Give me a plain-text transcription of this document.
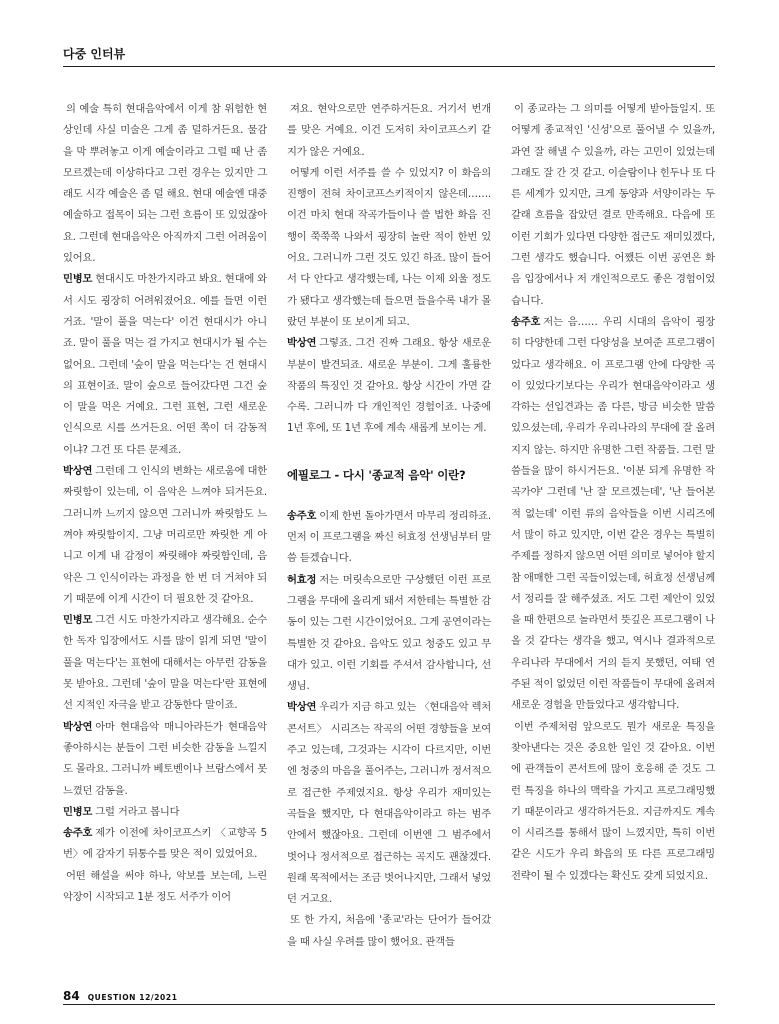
다중 인터뷰

의 예술 특히 현대음악에서 이게 참 위험한 현상인데 사실 미술은 그게 좀 덜하거든요. 물감을 막 뿌려놓고 이게 예술이라고 그럴 때 난 좀 모르겠는데 이상하다고 그런 경우는 있지만 그래도 시각 예술은 좀 덜 해요. 현대 예술엔 대중 예술하고 접목이 되는 그런 흐름이 또 있었잖아요. 그런데 현대음악은 아직까지 그런 어려움이 있어요.

민병모 현대시도 마찬가지라고 봐요. 현대에 와서 시도 굉장히 어려워졌어요. 예를 들면 이런 거죠. '말이 풀을 먹는다' 이건 현대시가 아니죠. 말이 풀을 먹는 걸 가지고 현대시가 될 수는 없어요. 그런데 '숲이 말을 먹는다'는 건 현대시의 표현이죠. 말이 숲으로 들어갔다면 그건 숲이 말을 먹은 거예요. 그런 표현, 그런 새로운 인식으로 시를 쓰거든요. 어떤 쪽이 더 감동적이냐? 그건 또 다른 문제죠.

박상연 그런데 그 인식의 변화는 새로움에 대한 짜릿함이 있는데, 이 음악은 느껴야 되거든요. 그러니까 느끼지 않으면 그러니까 짜릿함도 느껴야 짜릿함이지. 그냥 머리로만 짜릿한 게 아니고 이게 내 감정이 짜릿해야 짜릿함인데, 음악은 그 인식이라는 과정을 한 번 더 거쳐야 되기 때문에 이게 시간이 더 필요한 것 같아요.

민병모 그건 시도 마찬가지라고 생각해요. 순수한 독자 입장에서도 시를 많이 읽게 되면 '말이 풀을 먹는다'는 표현에 대해서는 아무런 감동을 못 받아요. 그런데 '숲이 말을 먹는다'란 표현에선 지적인 자극을 받고 감동한다 말이죠.

박상연 아마 현대음악 매니아라든가 현대음악 좋아하시는 분들이 그런 비슷한 감동을 느낄지도 몰라요. 그러니까 베토벤이나 브람스에서 못 느꼈던 감동을.

민병모 그럴 거라고 봅니다

송주호 제가 이전에 차이코프스키 〈교향곡 5번〉에 감자기 뒤통수를 맞은 적이 있었어요.

어떤 해설을 써야 하나, 악보를 보는데, 느린 악장이 시작되고 1분 정도 서주가 이어

져요. 현악으로만 연주하거든요. 거기서 번개를 맞은 거예요. 이건 도저히 차이코프스키 같지가 않은 거예요.

어떻게 이런 서주를 쓸 수 있었지? 이 화음의 진행이 전혀 차이코프스키적이지 않은데……. 이건 마치 현대 작곡가들이나 쓸 법한 화음 진행이 쭉쭉쭉 나와서 굉장히 놀란 적이 한번 있어요. 그러니까 그런 것도 있긴 하죠. 많이 들어서 다 안다고 생각했는데, 나는 이제 외울 정도가 됐다고 생각했는데 들으면 들을수록 내가 몰랐던 부분이 또 보이게 되고.

박상연 그렇죠. 그건 진짜 그래요. 항상 새로운 부분이 발견되죠. 새로운 부분이. 그게 훌륭한 작품의 특징인 것 같아요. 항상 시간이 가면 갈수록. 그러니까 다 개인적인 경험이죠. 나중에 1년 후에, 또 1년 후에 계속 새롭게 보이는 게.

에필로그 - 다시 '종교적 음악' 이란?

송주호 이제 한번 돌아가면서 마무리 정리하죠. 먼저 이 프로그램을 짜신 허효정 선생님부터 말씀 듣겠습니다.

허효정 저는 머릿속으로만 구상했던 이런 프로그램을 무대에 올리게 돼서 저한테는 특별한 감동이 있는 그런 시간이었어요. 그게 공연이라는 특별한 것 같아요. 음악도 있고 청중도 있고 무대가 있고. 이런 기회를 주셔서 감사합니다, 선생님.

박상연 우리가 지금 하고 있는 〈현대음악 렉처콘서트〉 시리즈는 작곡의 어떤 경향들을 보여주고 있는데, 그것과는 시각이 다르지만, 이번엔 청중의 마음을 풀어주는, 그러니까 정서적으로 접근한 주제였지요. 항상 우리가 재미있는 곡들을 했지만, 다 현대음악이라고 하는 범주 안에서 했잖아요. 그런데 이번엔 그 범주에서 벗어나 정서적으로 접근하는 곡지도 괜찮겠다. 원래 목적에서는 조금 벗어나지만, 그래서 넣었던 거고요.

또 한 가지, 처음에 '종교'라는 단어가 들어갔을 때 사실 우려를 많이 했어요. 관객들

이 종교라는 그 의미를 어떻게 받아들일지. 또 어떻게 종교적인 '신성'으로 풀어낼 수 있을까, 과연 잘 해낼 수 있을까, 라는 고민이 있었는데 그래도 잘 간 것 같고. 이슬람이나 힌두나 또 다른 세계가 있지만, 크게 동양과 서양이라는 두 갈래 흐름을 잡았던 결로 만족해요. 다음에 또 이런 기회가 있다면 다양한 접근도 재미있겠다, 그런 생각도 했습니다. 어쨌든 이번 공연은 화음 입장에서나 저 개인적으로도 좋은 경험이었습니다.

송주호 저는 음…… 우리 시대의 음악이 굉장히 다양한데 그런 다양성을 보여준 프로그램이었다고 생각해요. 이 프로그램 안에 다양한 곡이 있었다기보다는 우리가 현대음악이라고 생각하는 선입견과는 좀 다른, 방금 비슷한 말씀 있으셨는데, 우리가 우리나라의 무대에 잘 올려지지 않는. 하지만 유명한 그런 작품들. 그런 말씀들을 많이 하시거든요. '이분 되게 유명한 작곡가야' 그런데 '난 잘 모르겠는데', '난 들어본 적 없는데' 이런 류의 음악들을 이번 시리즈에서 많이 하고 있지만, 이번 같은 경우는 특별히 주제를 정하지 않으면 어떤 의미로 넣어야 할지 참 애매한 그런 곡들이었는데, 허효정 선생님께서 정리를 잘 해주셨죠. 저도 그런 제안이 있었을 때 한편으로 놀라면서 뜻깊은 프로그램이 나올 것 같다는 생각을 했고, 역시나 결과적으로 우리나라 무대에서 거의 듣지 못했던, 여태 연주된 적이 없었던 이런 작품들이 무대에 올려져 새로운 경험을 만들었다고 생각합니다.

이번 주제처럼 앞으로도 뭔가 새로운 특징을 찾아낸다는 것은 중요한 일인 것 같아요. 이번에 관객들이 콘서트에 많이 호응해 준 것도 그런 특징을 하나의 맥락을 가지고 프로그래밍했기 때문이라고 생각하거든요. 지금까지도 계속 이 시리즈를 통해서 많이 느꼈지만, 특히 이번 같은 시도가 우리 화음의 또 다른 프로그래밍 전략이 될 수 있겠다는 확신도 갖게 되었지요.

84 QUESTION 12/2021
